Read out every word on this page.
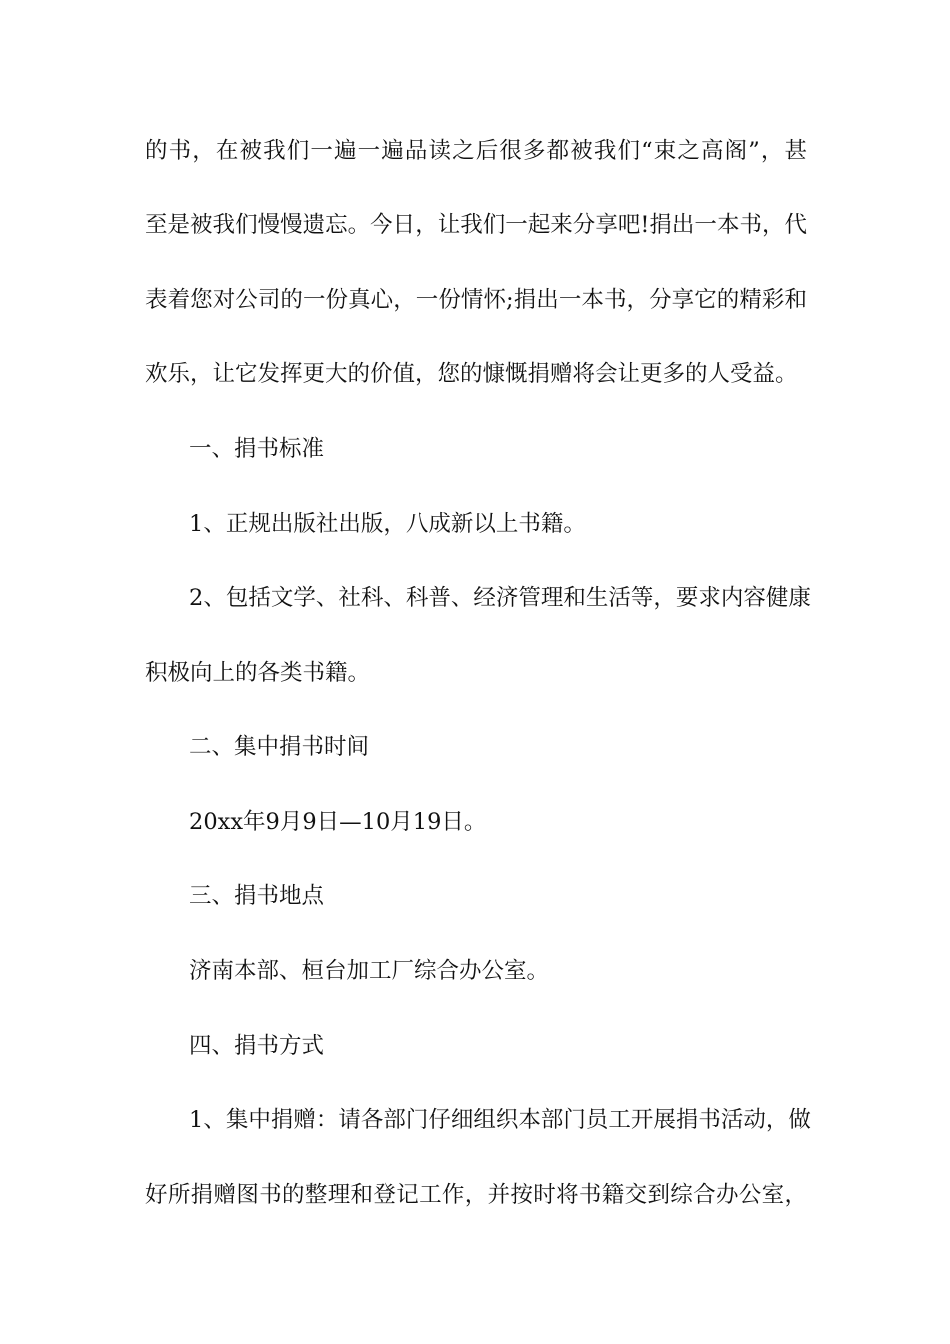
的书，在被我们一遍一遍品读之后很多都被我们“束之高阁”，甚
至是被我们慢慢遗忘。今日，让我们一起来分享吧!捐出一本书，代
表着您对公司的一份真心，一份情怀;捐出一本书，分享它的精彩和
欢乐，让它发挥更大的价值，您的慷慨捐赠将会让更多的人受益。
一、捐书标准
1、正规出版社出版，八成新以上书籍。
2、包括文学、社科、科普、经济管理和生活等，要求内容健康
积极向上的各类书籍。
二、集中捐书时间
20xx年9月9日—10月19日。
三、捐书地点
济南本部、桓台加工厂综合办公室。
四、捐书方式
1、集中捐赠：请各部门仔细组织本部门员工开展捐书活动，做
好所捐赠图书的整理和登记工作，并按时将书籍交到综合办公室，
